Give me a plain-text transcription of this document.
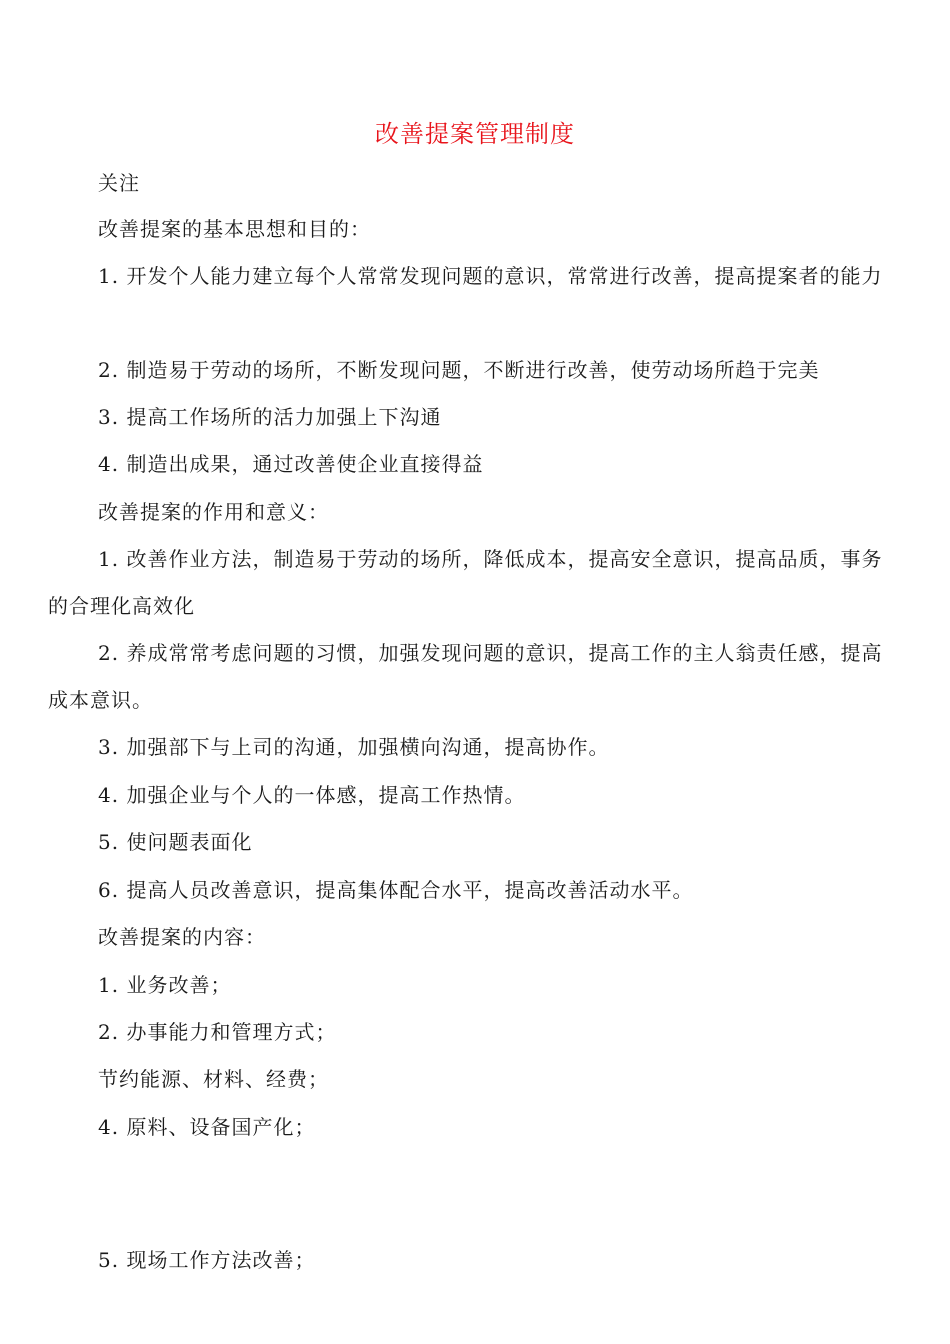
改善提案管理制度

关注

改善提案的基本思想和目的：

1. 开发个人能力建立每个人常常发现问题的意识，常常进行改善，提高提案者的能力

2. 制造易于劳动的场所，不断发现问题，不断进行改善，使劳动场所趋于完美

3. 提高工作场所的活力加强上下沟通

4. 制造出成果，通过改善使企业直接得益

改善提案的作用和意义：

1. 改善作业方法，制造易于劳动的场所，降低成本，提高安全意识，提高品质，事务的合理化高效化

2. 养成常常考虑问题的习惯，加强发现问题的意识，提高工作的主人翁责任感，提高成本意识。

3. 加强部下与上司的沟通，加强横向沟通，提高协作。

4. 加强企业与个人的一体感，提高工作热情。

5. 使问题表面化

6. 提高人员改善意识，提高集体配合水平，提高改善活动水平。

改善提案的内容：

1. 业务改善；

2. 办事能力和管理方式；

节约能源、材料、经费；

4. 原料、设备国产化；

5. 现场工作方法改善；
